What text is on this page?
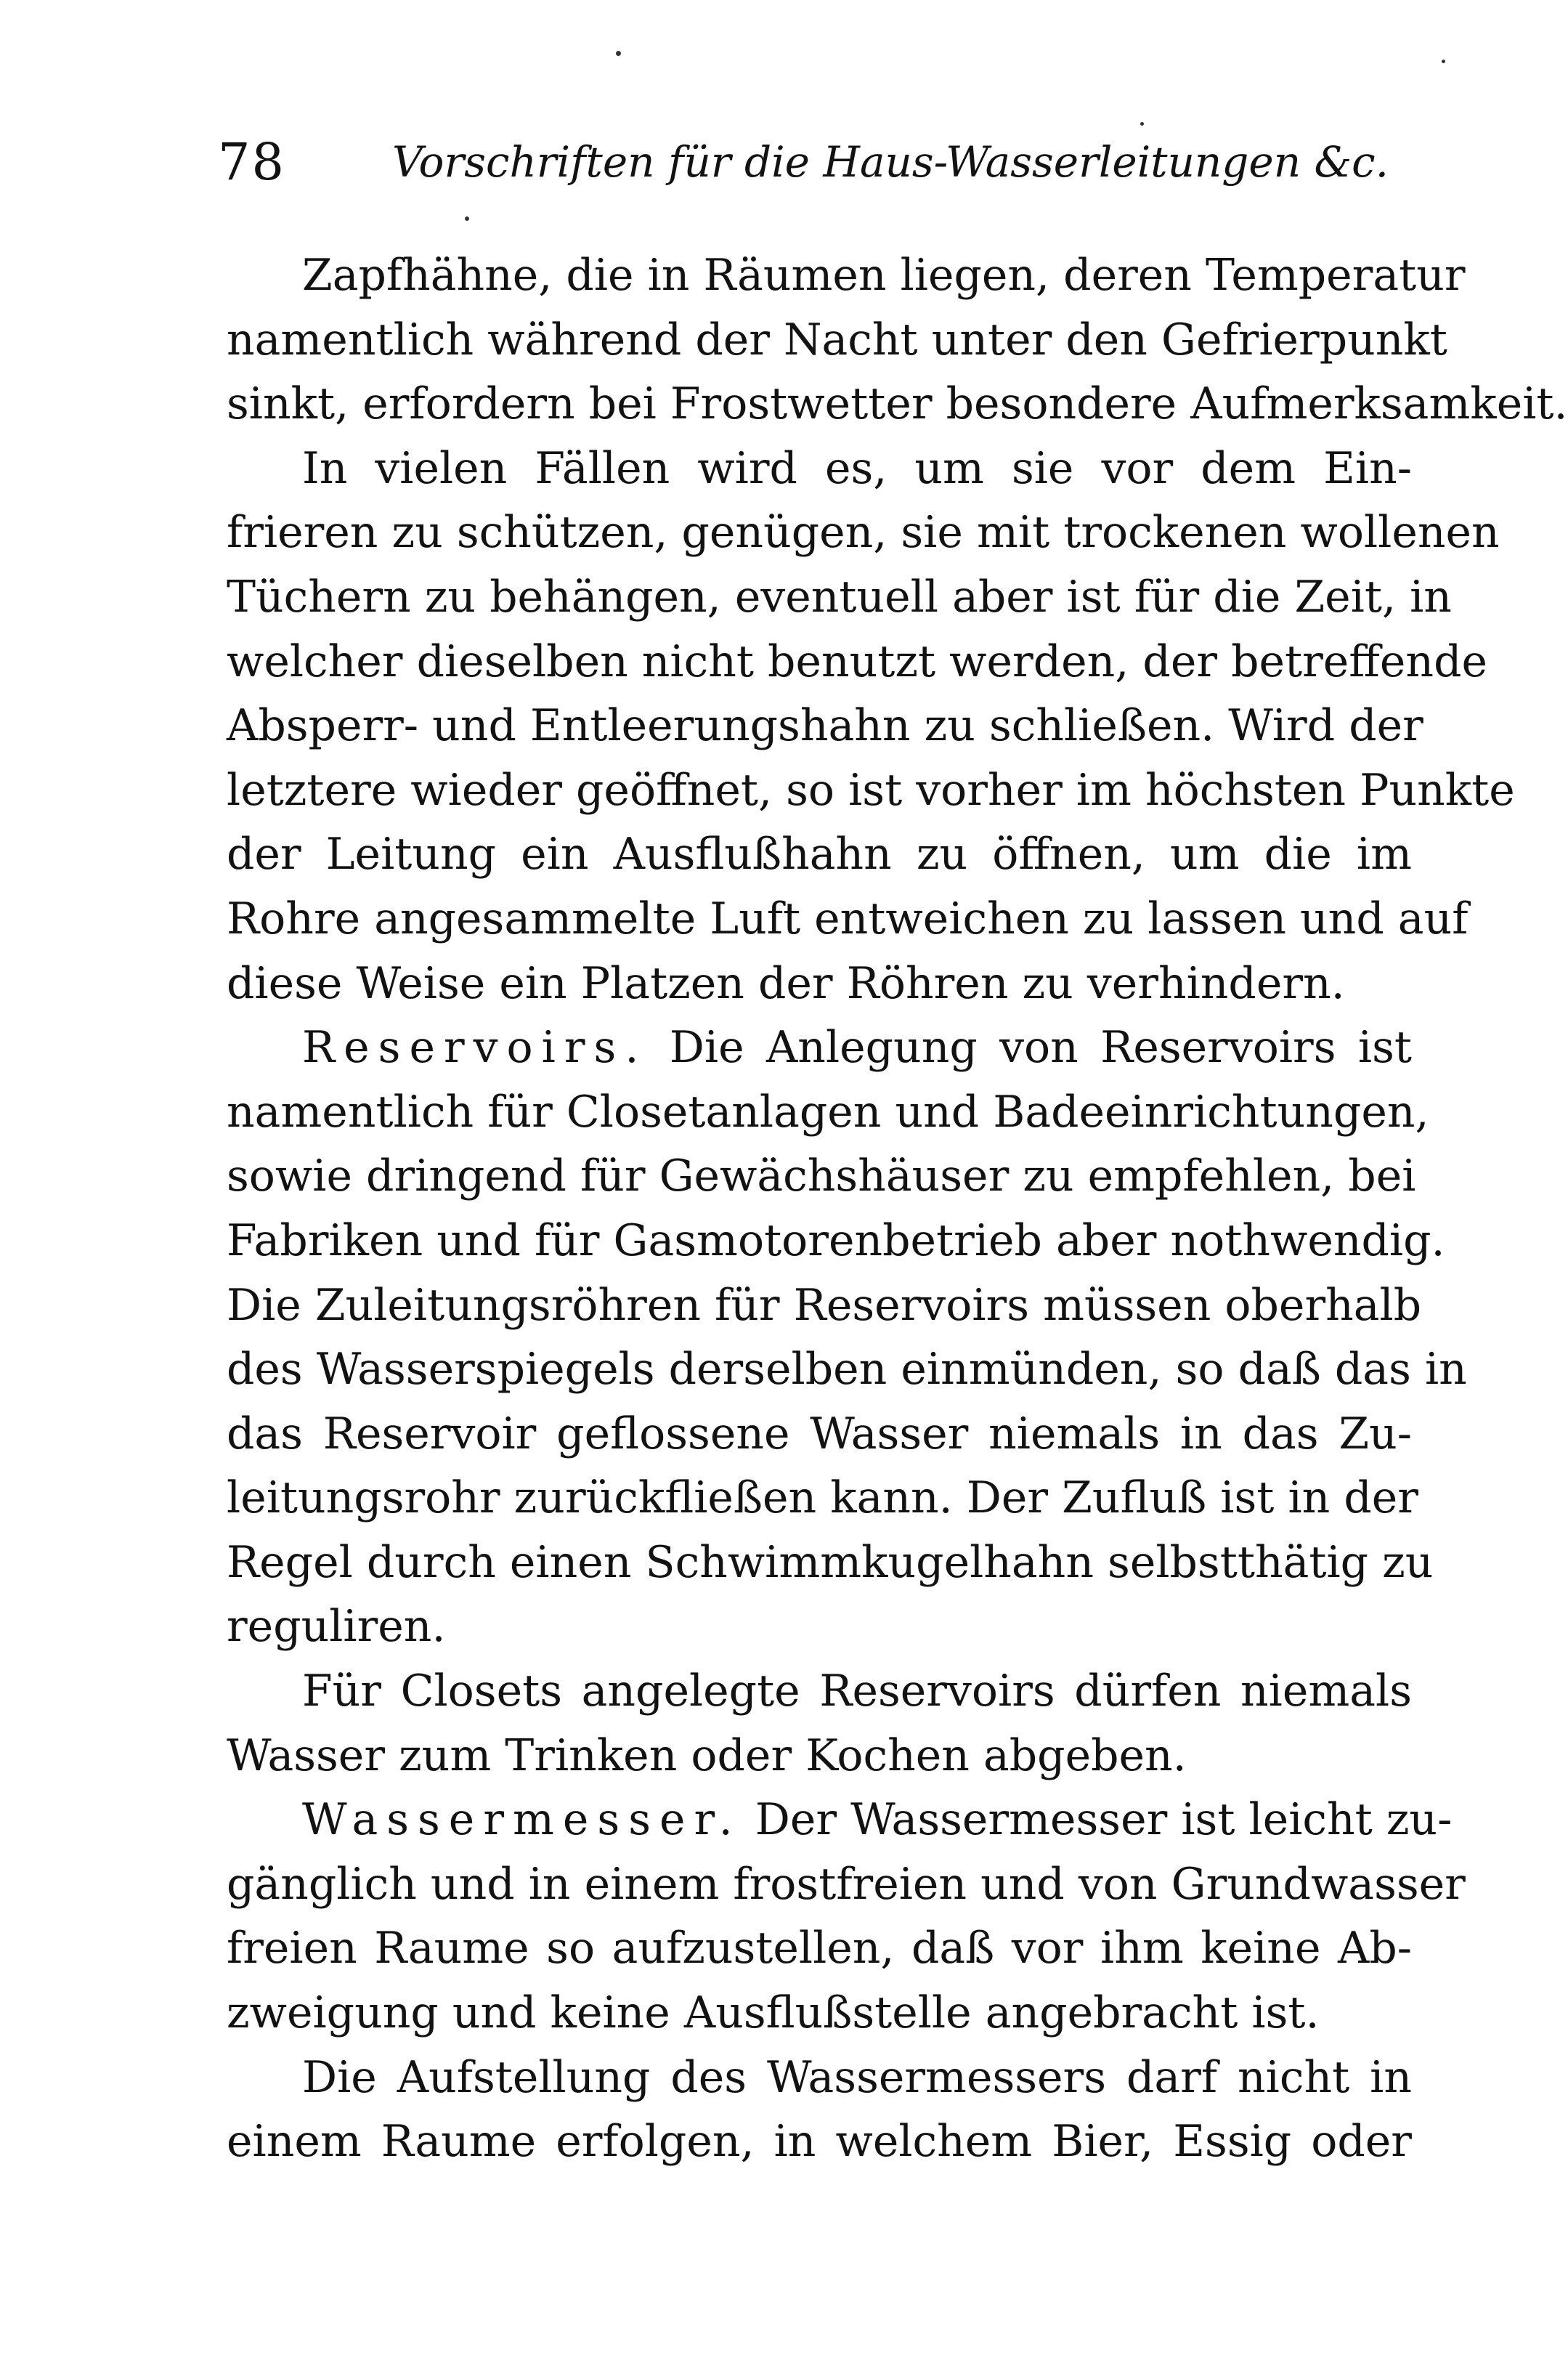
78	Vorschriften für die Haus-Wasserleitungen &c.
Zapfhähne, die in Räumen liegen, deren Temperatur
namentlich während der Nacht unter den Gefrierpunkt
sinkt, erfordern bei Frostwetter besondere Aufmerksamkeit.
In vielen Fällen wird es, um sie vor dem Ein-
frieren zu schützen, genügen, sie mit trockenen wollenen
Tüchern zu behängen, eventuell aber ist für die Zeit, in
welcher dieselben nicht benutzt werden, der betreffende
Absperr- und Entleerungshahn zu schließen. Wird der
letztere wieder geöffnet, so ist vorher im höchsten Punkte
der Leitung ein Ausflußhahn zu öffnen, um die im
Rohre angesammelte Luft entweichen zu lassen und auf
diese Weise ein Platzen der Röhren zu verhindern.
Reservoirs. Die Anlegung von Reservoirs ist
namentlich für Closetanlagen und Badeeinrichtungen,
sowie dringend für Gewächshäuser zu empfehlen, bei
Fabriken und für Gasmotorenbetrieb aber nothwendig.
Die Zuleitungsröhren für Reservoirs müssen oberhalb
des Wasserspiegels derselben einmünden, so daß das in
das Reservoir geflossene Wasser niemals in das Zu-
leitungsrohr zurückfließen kann. Der Zufluß ist in der
Regel durch einen Schwimmkugelhahn selbstthätig zu
reguliren.
Für Closets angelegte Reservoirs dürfen niemals
Wasser zum Trinken oder Kochen abgeben.
Wassermesser. Der Wassermesser ist leicht zu-
gänglich und in einem frostfreien und von Grundwasser
freien Raume so aufzustellen, daß vor ihm keine Ab-
zweigung und keine Ausflußstelle angebracht ist.
Die Aufstellung des Wassermessers darf nicht in
einem Raume erfolgen, in welchem Bier, Essig oder
